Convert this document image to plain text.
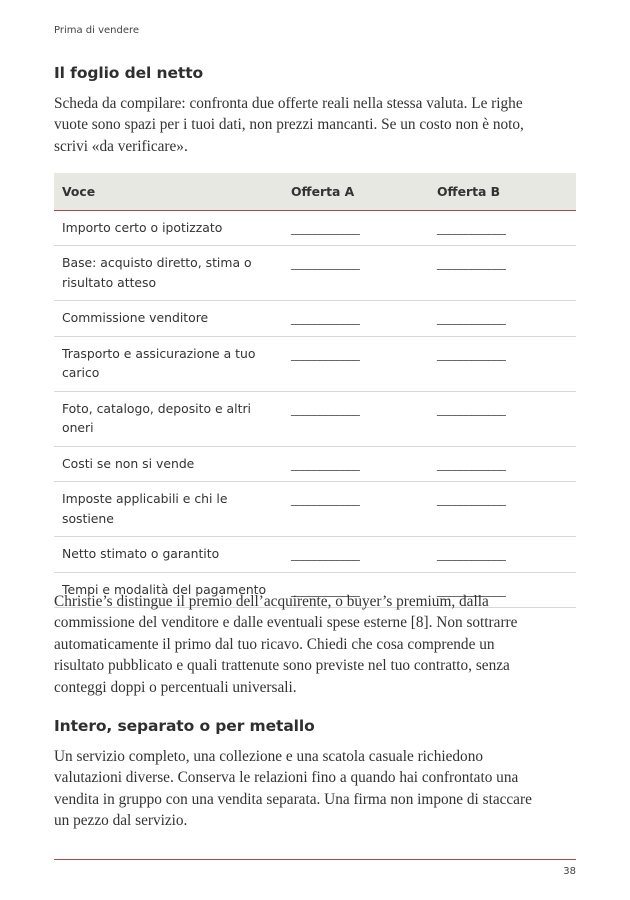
Prima di vendere
Il foglio del netto

Scheda da compilare: confronta due offerte reali nella stessa valuta. Le righe
vuote sono spazi per i tuoi dati, non prezzi mancanti. Se un costo non è noto,
scrivi «da verificare».

Voce	Offerta A	Offerta B
Importo certo o ipotizzato	____________	____________
Base: acquisto diretto, stima o risultato atteso	____________	____________
Commissione venditore	____________	____________
Trasporto e assicurazione a tuo carico	____________	____________
Foto, catalogo, deposito e altri oneri	____________	____________
Costi se non si vende	____________	____________
Imposte applicabili e chi le sostiene	____________	____________
Netto stimato o garantito	____________	____________
Tempi e modalità del pagamento	____________	____________

Christie’s distingue il premio dell’acquirente, o buyer’s premium, dalla
commissione del venditore e dalle eventuali spese esterne [8]. Non sottrarre
automaticamente il primo dal tuo ricavo. Chiedi che cosa comprende un
risultato pubblicato e quali trattenute sono previste nel tuo contratto, senza
conteggi doppi o percentuali universali.

Intero, separato o per metallo

Un servizio completo, una collezione e una scatola casuale richiedono
valutazioni diverse. Conserva le relazioni fino a quando hai confrontato una
vendita in gruppo con una vendita separata. Una firma non impone di staccare
un pezzo dal servizio.

38
